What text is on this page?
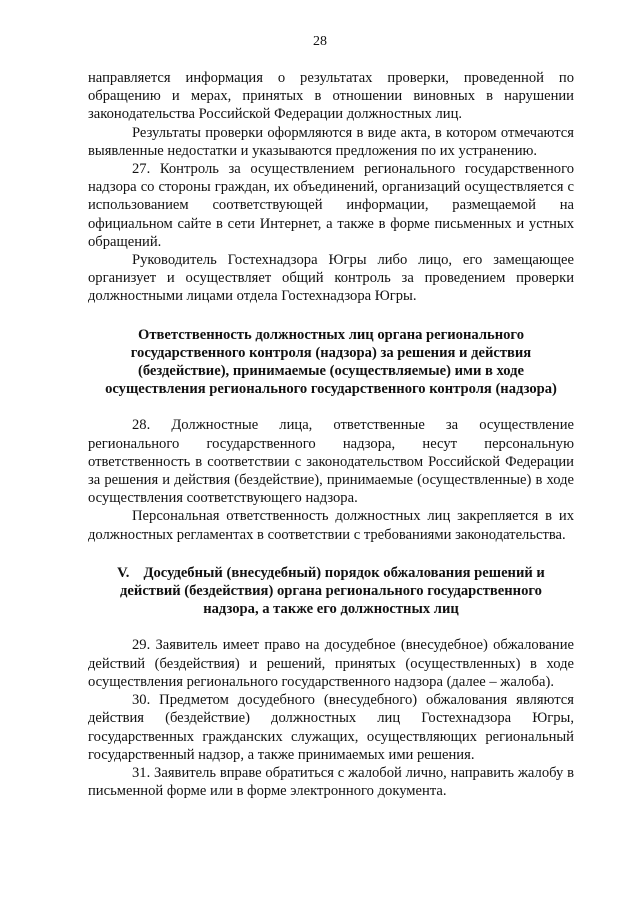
28

направляется информация о результатах проверки, проведенной по обращению и мерах, принятых в отношении виновных в нарушении законодательства Российской Федерации должностных лиц.

Результаты проверки оформляются в виде акта, в котором отмечаются выявленные недостатки и указываются предложения по их устранению.

27. Контроль за осуществлением регионального государственного надзора со стороны граждан, их объединений, организаций осуществляется с использованием соответствующей информации, размещаемой на официальном сайте в сети Интернет, а также в форме письменных и устных обращений.

Руководитель Гостехнадзора Югры либо лицо, его замещающее организует и осуществляет общий контроль за проведением проверки должностными лицами отдела Гостехнадзора Югры.

Ответственность должностных лиц органа регионального
государственного контроля (надзора) за решения и действия
(бездействие), принимаемые (осуществляемые) ими в ходе
осуществления регионального государственного контроля (надзора)

28. Должностные лица, ответственные за осуществление регионального государственного надзора, несут персональную ответственность в соответствии с законодательством Российской Федерации за решения и действия (бездействие), принимаемые (осуществленные) в ходе осуществления соответствующего надзора.

Персональная ответственность должностных лиц закрепляется в их должностных регламентах в соответствии с требованиями законодательства.

V. Досудебный (внесудебный) порядок обжалования решений и
действий (бездействия) органа регионального государственного
надзора, а также его должностных лиц

29. Заявитель имеет право на досудебное (внесудебное) обжалование действий (бездействия) и решений, принятых (осуществленных) в ходе осуществления регионального государственного надзора (далее – жалоба).

30. Предметом досудебного (внесудебного) обжалования являются действия (бездействие) должностных лиц Гостехнадзора Югры, государственных гражданских служащих, осуществляющих региональный государственный надзор, а также принимаемых ими решения.

31. Заявитель вправе обратиться с жалобой лично, направить жалобу в письменной форме или в форме электронного документа.
